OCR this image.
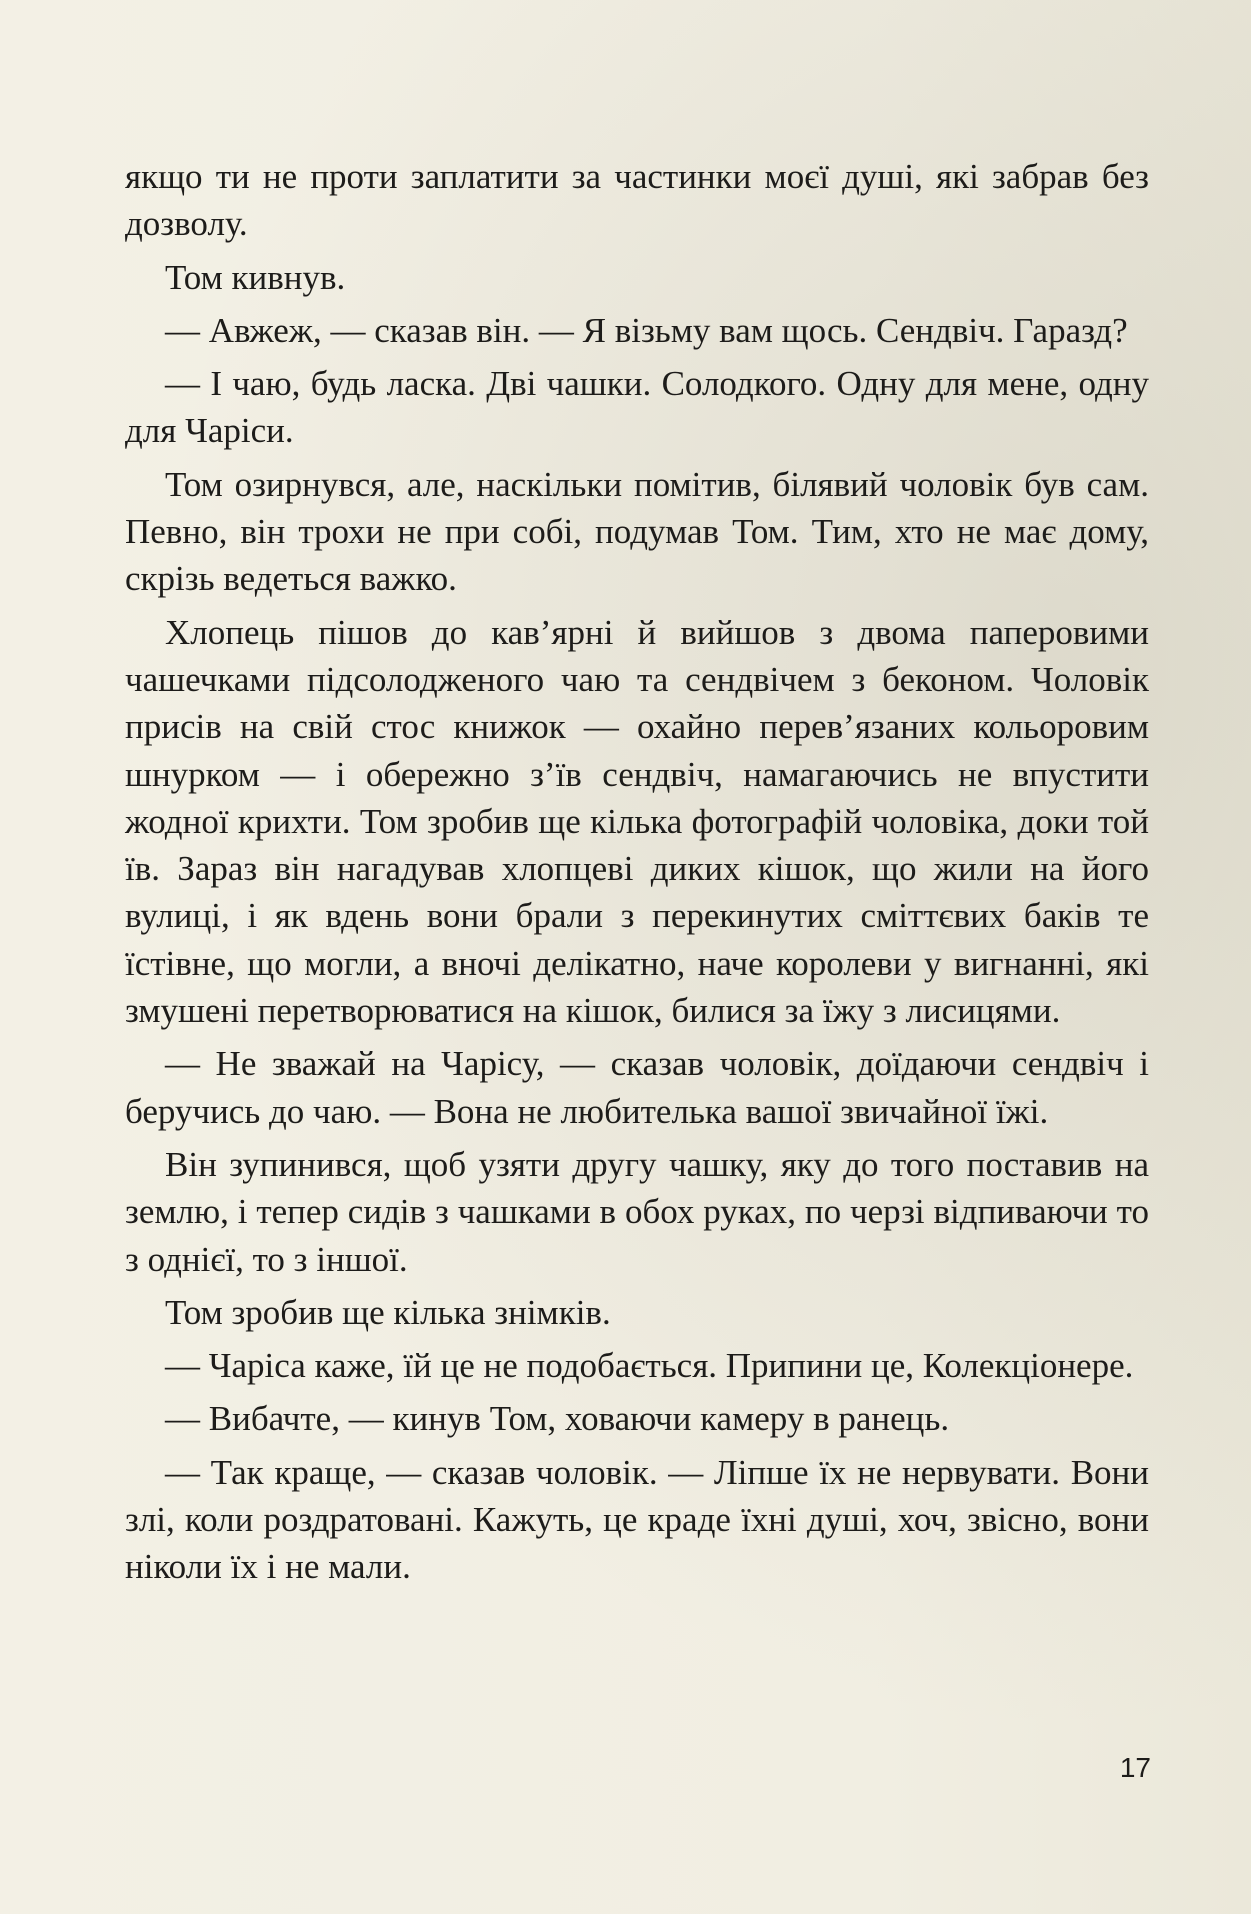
якщо ти не проти заплатити за частинки моєї душі, які забрав без дозволу.

Том кивнув.

— Авжеж, — сказав він. — Я візьму вам щось. Сендвіч. Гаразд?

— І чаю, будь ласка. Дві чашки. Солодкого. Одну для мене, одну для Чаріси.

Том озирнувся, але, наскільки помітив, білявий чоловік був сам. Певно, він трохи не при собі, подумав Том. Тим, хто не має дому, скрізь ведеться важко.

Хлопець пішов до кав’ярні й вийшов з двома паперовими чашечками підсолодженого чаю та сендвічем з беконом. Чоловік присів на свій стос книжок — охайно перев’язаних кольоровим шнурком — і обережно з’їв сендвіч, намагаючись не впустити жодної крихти. Том зробив ще кілька фотографій чоловіка, доки той їв. Зараз він нагадував хлопцеві диких кішок, що жили на його вулиці, і як вдень вони брали з перекинутих сміттєвих баків те їстівне, що могли, а вночі делікатно, наче королеви у вигнанні, які змушені перетворюватися на кішок, билися за їжу з лисицями.

— Не зважай на Чарісу, — сказав чоловік, доїдаючи сендвіч і беручись до чаю. — Вона не любителька вашої звичайної їжі.

Він зупинився, щоб узяти другу чашку, яку до того поставив на землю, і тепер сидів з чашками в обох руках, по черзі відпиваючи то з однієї, то з іншої.

Том зробив ще кілька знімків.

— Чаріса каже, їй це не подобається. Припини це, Колекціонере.

— Вибачте, — кинув Том, ховаючи камеру в ранець.

— Так краще, — сказав чоловік. — Ліпше їх не нервувати. Вони злі, коли роздратовані. Кажуть, це краде їхні душі, хоч, звісно, вони ніколи їх і не мали.

17
